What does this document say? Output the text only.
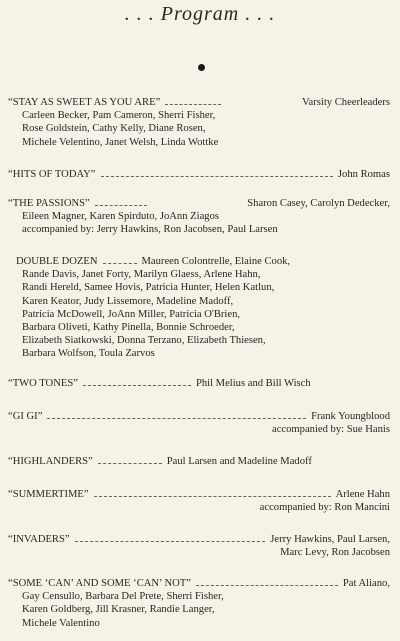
. . . Program . . .
“STAY AS SWEET AS YOU ARE”	Varsity Cheerleaders
Carleen Becker, Pam Cameron, Sherri Fisher,
Rose Goldstein, Cathy Kelly, Diane Rosen,
Michele Velentino, Janet Welsh, Linda Wottke
“HITS OF TODAY”	John Romas
“THE PASSIONS”	Sharon Casey, Carolyn Dedecker,
Eileen Magner, Karen Spirduto, JoAnn Ziagos
accompanied by: Jerry Hawkins, Ron Jacobsen, Paul Larsen
DOUBLE DOZEN	Maureen Colontrelle, Elaine Cook,
Rande Davis, Janet Forty, Marilyn Glaess, Arlene Hahn,
Randi Hereld, Samee Hovis, Patricia Hunter, Helen Katlun,
Karen Keator, Judy Lissemore, Madeline Madoff,
Patricia McDowell, JoAnn Miller, Patricia O'Brien,
Barbara Oliveti, Kathy Pinella, Bonnie Schroeder,
Elizabeth Siatkowski, Donna Terzano, Elizabeth Thiesen,
Barbara Wolfson, Toula Zarvos
“TWO TONES”	Phil Melius and Bill Wisch
“GI GI”	Frank Youngblood
accompanied by: Sue Hanis
“HIGHLANDERS”	Paul Larsen and Madeline Madoff
“SUMMERTIME”	Arlene Hahn
accompanied by: Ron Mancini
“INVADERS”	Jerry Hawkins, Paul Larsen,
Marc Levy, Ron Jacobsen
“SOME ‘CAN’ AND SOME ‘CAN’ NOT”	Pat Aliano,
Gay Censullo, Barbara Del Prete, Sherri Fisher,
Karen Goldberg, Jill Krasner, Randie Langer,
Michele Valentino
